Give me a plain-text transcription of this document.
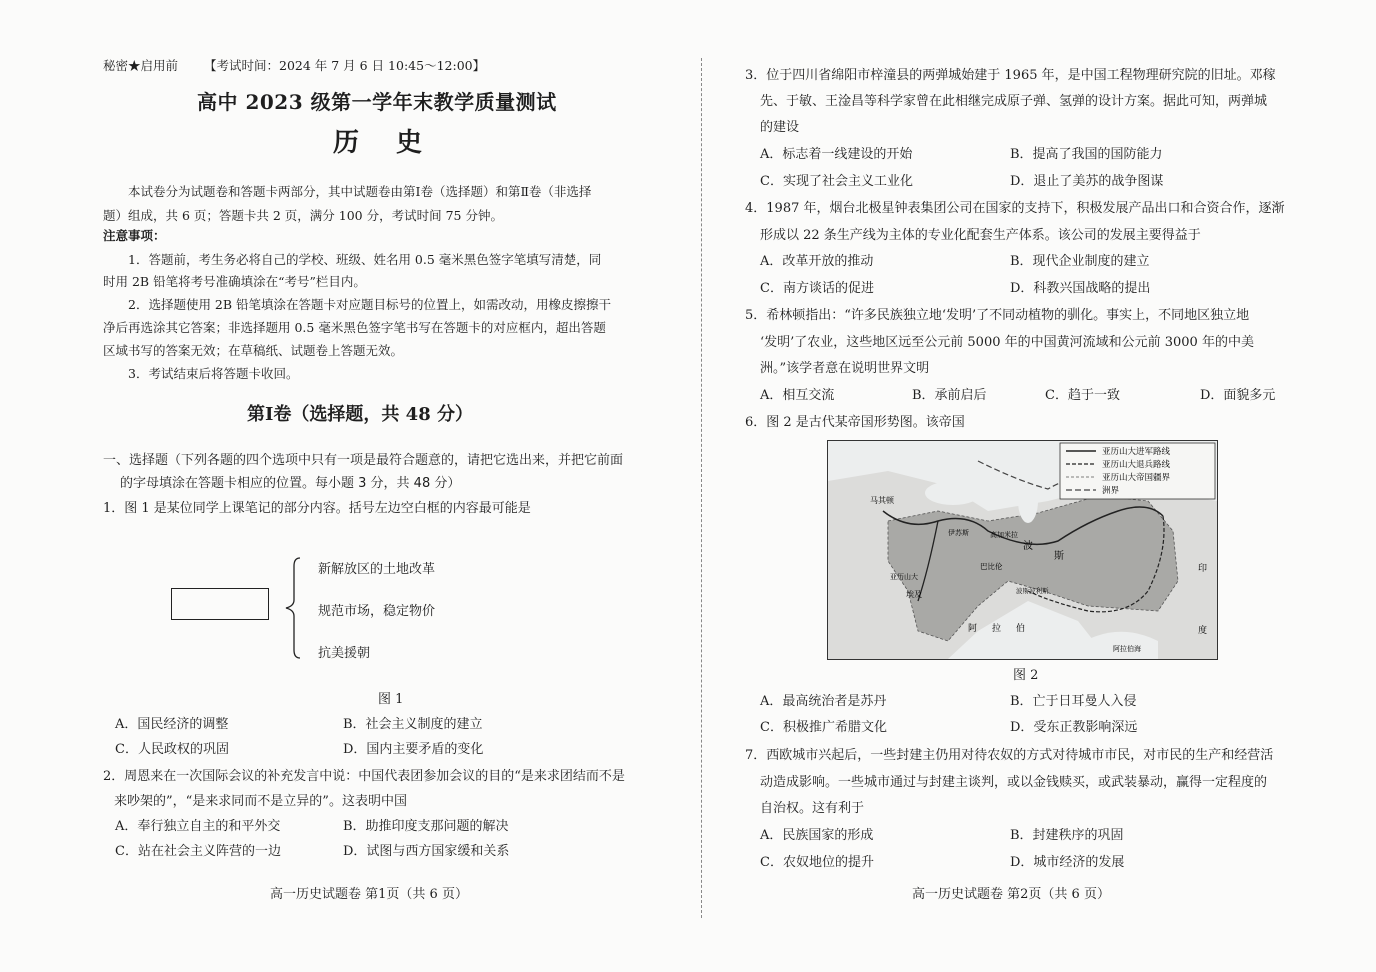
秘密★启用前 【考试时间：2024 年 7 月 6 日 10:45～12:00】
高中 2023 级第一学年末教学质量测试
历 史
本试卷分为试题卷和答题卡两部分，其中试题卷由第Ⅰ卷（选择题）和第Ⅱ卷（非选择
题）组成，共 6 页；答题卡共 2 页，满分 100 分，考试时间 75 分钟。
注意事项：
1．答题前，考生务必将自己的学校、班级、姓名用 0.5 毫米黑色签字笔填写清楚，同
时用 2B 铅笔将考号准确填涂在“考号”栏目内。
2．选择题使用 2B 铅笔填涂在答题卡对应题目标号的位置上，如需改动，用橡皮擦擦干
净后再选涂其它答案；非选择题用 0.5 毫米黑色签字笔书写在答题卡的对应框内，超出答题
区域书写的答案无效；在草稿纸、试题卷上答题无效。
3．考试结束后将答题卡收回。
第Ⅰ卷（选择题，共 48 分）
一、选择题（下列各题的四个选项中只有一项是最符合题意的，请把它选出来，并把它前面
的字母填涂在答题卡相应的位置。每小题 3 分，共 48 分）
1．图 1 是某位同学上课笔记的部分内容。括号左边空白框的内容最可能是
新解放区的土地改革
规范市场，稳定物价
抗美援朝
图 1
A．国民经济的调整	B．社会主义制度的建立
C．人民政权的巩固	D．国内主要矛盾的变化
2．周恩来在一次国际会议的补充发言中说：中国代表团参加会议的目的“是来求团结而不是
来吵架的”，“是来求同而不是立异的”。这表明中国
A．奉行独立自主的和平外交	B．助推印度支那问题的解决
C．站在社会主义阵营的一边	D．试图与西方国家缓和关系
高一历史试题卷 第1页（共 6 页）
3．位于四川省绵阳市梓潼县的两弹城始建于 1965 年，是中国工程物理研究院的旧址。邓稼
先、于敏、王淦昌等科学家曾在此相继完成原子弹、氢弹的设计方案。据此可知，两弹城
的建设
A．标志着一线建设的开始	B．提高了我国的国防能力
C．实现了社会主义工业化	D．退止了美苏的战争图谋
4．1987 年，烟台北极星钟表集团公司在国家的支持下，积极发展产品出口和合资合作，逐渐
形成以 22 条生产线为主体的专业化配套生产体系。该公司的发展主要得益于
A．改革开放的推动	B．现代企业制度的建立
C．南方谈话的促进	D．科教兴国战略的提出
5．希林顿指出：“许多民族独立地‘发明’了不同动植物的驯化。事实上，不同地区独立地
‘发明’了农业，这些地区远至公元前 5000 年的中国黄河流域和公元前 3000 年的中美
洲。”该学者意在说明世界文明
A．相互交流	B．承前启后	C．趋于一致	D．面貌多元
6．图 2 是古代某帝国形势图。该帝国
亚历山大进军路线
亚历山大退兵路线
亚历山大帝国疆界
洲界
马其顿
伊苏斯	高加米拉
亚历山大
埃及
巴比伦
波
斯
波斯波利斯
阿 拉 伯
印
度
阿拉伯海
图 2
A．最高统治者是苏丹	B．亡于日耳曼人入侵
C．积极推广希腊文化	D．受东正教影响深远
7．西欧城市兴起后，一些封建主仍用对待农奴的方式对待城市市民，对市民的生产和经营活
动造成影响。一些城市通过与封建主谈判，或以金钱赎买，或武装暴动，赢得一定程度的
自治权。这有利于
A．民族国家的形成	B．封建秩序的巩固
C．农奴地位的提升	D．城市经济的发展
高一历史试题卷 第2页（共 6 页）
